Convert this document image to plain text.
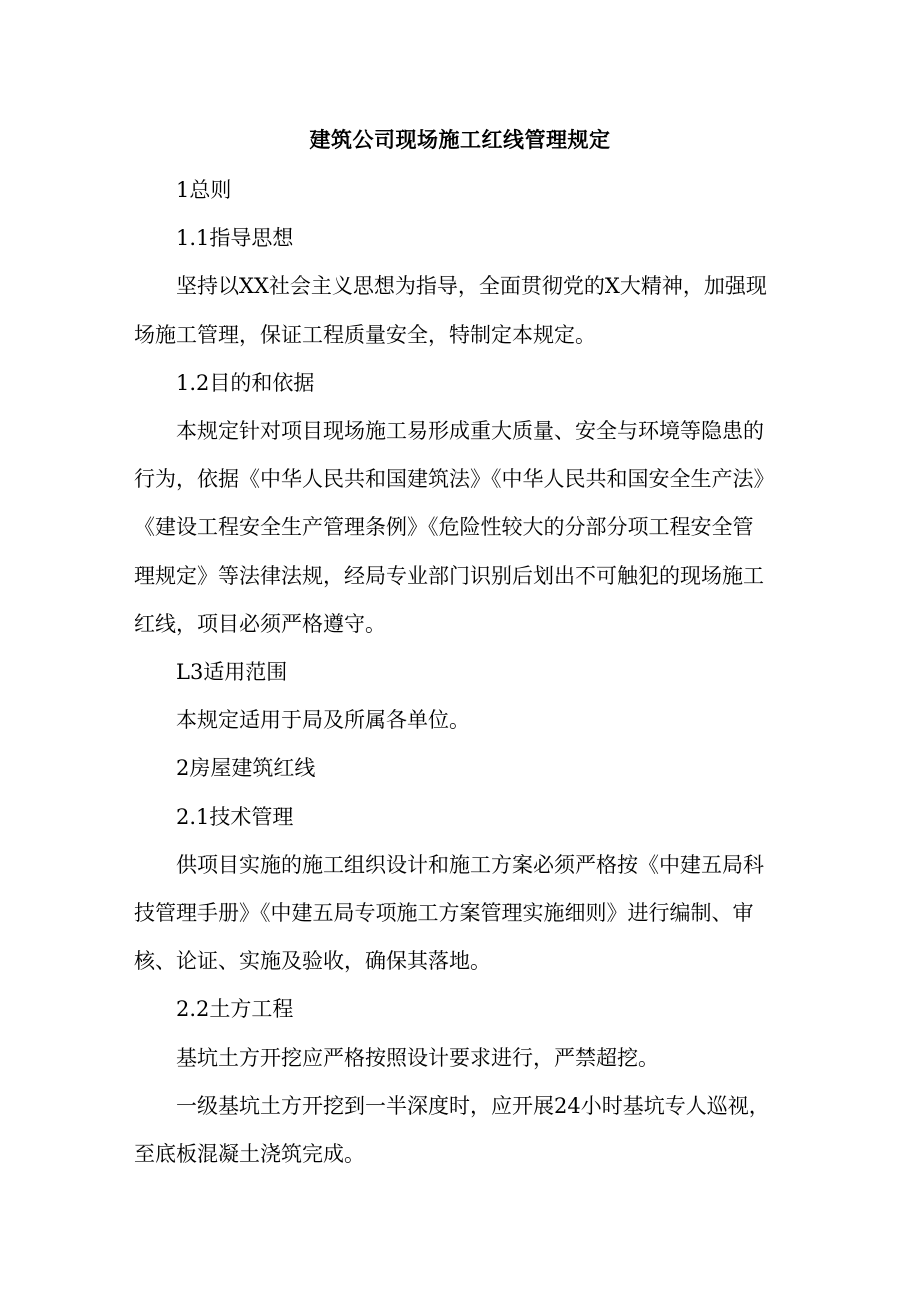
建筑公司现场施工红线管理规定

1总则

1.1指导思想

坚持以XX社会主义思想为指导，全面贯彻党的X大精神，加强现

场施工管理，保证工程质量安全，特制定本规定。

1.2目的和依据

本规定针对项目现场施工易形成重大质量、安全与环境等隐患的

行为，依据《中华人民共和国建筑法》《中华人民共和国安全生产法》

《建设工程安全生产管理条例》《危险性较大的分部分项工程安全管

理规定》等法律法规，经局专业部门识别后划出不可触犯的现场施工

红线，项目必须严格遵守。

L3适用范围

本规定适用于局及所属各单位。

2房屋建筑红线

2.1技术管理

供项目实施的施工组织设计和施工方案必须严格按《中建五局科

技管理手册》《中建五局专项施工方案管理实施细则》进行编制、审

核、论证、实施及验收，确保其落地。

2.2土方工程

基坑土方开挖应严格按照设计要求进行，严禁超挖。

一级基坑土方开挖到一半深度时，应开展24小时基坑专人巡视，

至底板混凝土浇筑完成。
